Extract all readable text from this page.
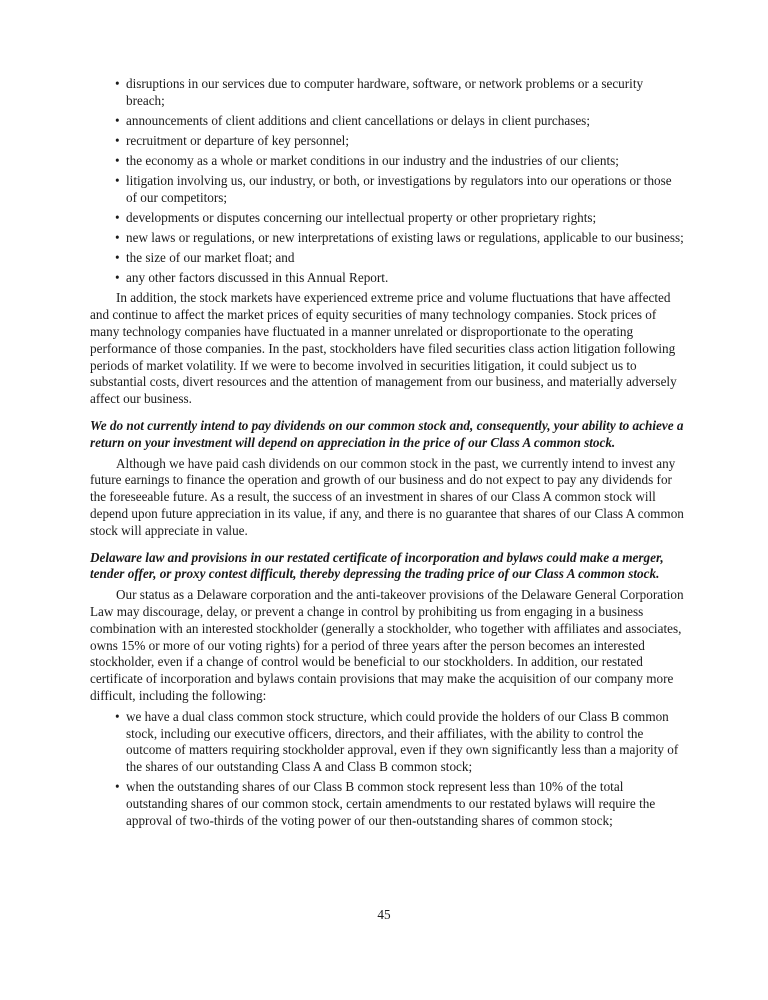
• disruptions in our services due to computer hardware, software, or network problems or a security breach;
• announcements of client additions and client cancellations or delays in client purchases;
• recruitment or departure of key personnel;
• the economy as a whole or market conditions in our industry and the industries of our clients;
• litigation involving us, our industry, or both, or investigations by regulators into our operations or those of our competitors;
• developments or disputes concerning our intellectual property or other proprietary rights;
• new laws or regulations, or new interpretations of existing laws or regulations, applicable to our business;
• the size of our market float; and
• any other factors discussed in this Annual Report.

In addition, the stock markets have experienced extreme price and volume fluctuations that have affected and continue to affect the market prices of equity securities of many technology companies. Stock prices of many technology companies have fluctuated in a manner unrelated or disproportionate to the operating performance of those companies. In the past, stockholders have filed securities class action litigation following periods of market volatility. If we were to become involved in securities litigation, it could subject us to substantial costs, divert resources and the attention of management from our business, and materially adversely affect our business.

We do not currently intend to pay dividends on our common stock and, consequently, your ability to achieve a return on your investment will depend on appreciation in the price of our Class A common stock.

Although we have paid cash dividends on our common stock in the past, we currently intend to invest any future earnings to finance the operation and growth of our business and do not expect to pay any dividends for the foreseeable future. As a result, the success of an investment in shares of our Class A common stock will depend upon future appreciation in its value, if any, and there is no guarantee that shares of our Class A common stock will appreciate in value.

Delaware law and provisions in our restated certificate of incorporation and bylaws could make a merger, tender offer, or proxy contest difficult, thereby depressing the trading price of our Class A common stock.

Our status as a Delaware corporation and the anti-takeover provisions of the Delaware General Corporation Law may discourage, delay, or prevent a change in control by prohibiting us from engaging in a business combination with an interested stockholder (generally a stockholder, who together with affiliates and associates, owns 15% or more of our voting rights) for a period of three years after the person becomes an interested stockholder, even if a change of control would be beneficial to our stockholders. In addition, our restated certificate of incorporation and bylaws contain provisions that may make the acquisition of our company more difficult, including the following:

• we have a dual class common stock structure, which could provide the holders of our Class B common stock, including our executive officers, directors, and their affiliates, with the ability to control the outcome of matters requiring stockholder approval, even if they own significantly less than a majority of the shares of our outstanding Class A and Class B common stock;
• when the outstanding shares of our Class B common stock represent less than 10% of the total outstanding shares of our common stock, certain amendments to our restated bylaws will require the approval of two-thirds of the voting power of our then-outstanding shares of common stock;
45
